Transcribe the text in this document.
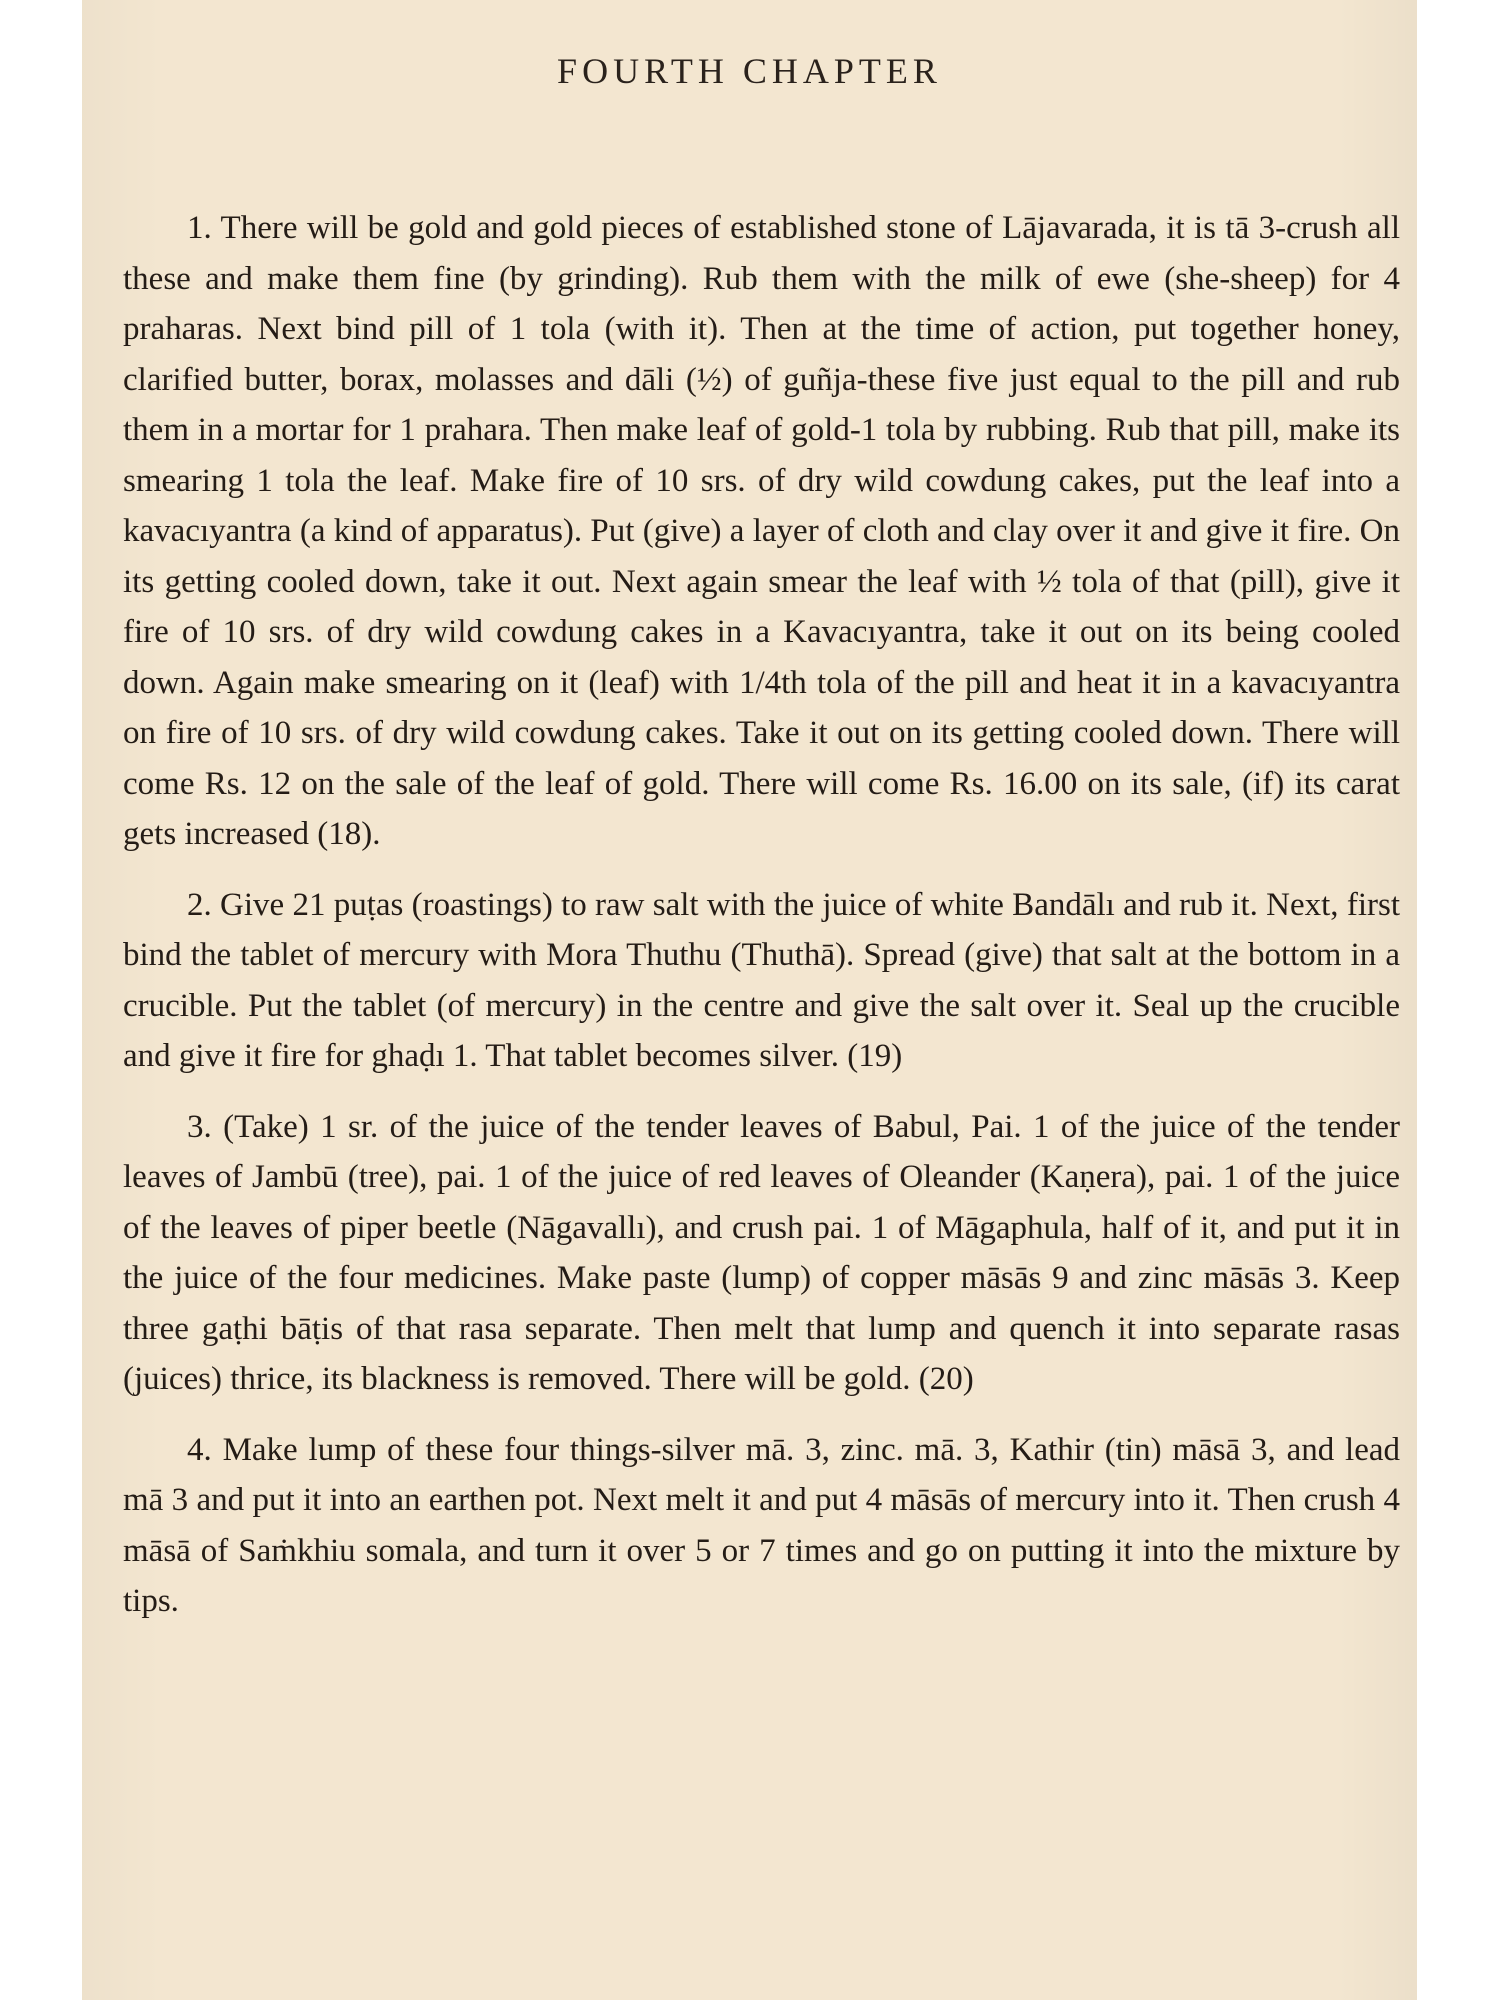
FOURTH CHAPTER

1. There will be gold and gold pieces of established stone of Lājavarada, it is tā 3-crush all these and make them fine (by grinding). Rub them with the milk of ewe (she-sheep) for 4 praharas. Next bind pill of 1 tola (with it). Then at the time of action, put together honey, clarified butter, borax, molasses and dāli (½) of guñja-these five just equal to the pill and rub them in a mortar for 1 prahara. Then make leaf of gold-1 tola by rubbing. Rub that pill, make its smearing 1 tola the leaf. Make fire of 10 srs. of dry wild cowdung cakes, put the leaf into a kavacıyantra (a kind of apparatus). Put (give) a layer of cloth and clay over it and give it fire. On its getting cooled down, take it out. Next again smear the leaf with ½ tola of that (pill), give it fire of 10 srs. of dry wild cowdung cakes in a Kavacıyantra, take it out on its being cooled down. Again make smearing on it (leaf) with 1/4th tola of the pill and heat it in a kavacıyantra on fire of 10 srs. of dry wild cowdung cakes. Take it out on its getting cooled down. There will come Rs. 12 on the sale of the leaf of gold. There will come Rs. 16.00 on its sale, (if) its carat gets increased (18).

2. Give 21 puṭas (roastings) to raw salt with the juice of white Bandālı and rub it. Next, first bind the tablet of mercury with Mora Thuthu (Thuthā). Spread (give) that salt at the bottom in a crucible. Put the tablet (of mercury) in the centre and give the salt over it. Seal up the crucible and give it fire for ghaḍı 1. That tablet becomes silver. (19)

3. (Take) 1 sr. of the juice of the tender leaves of Babul, Pai. 1 of the juice of the tender leaves of Jambū (tree), pai. 1 of the juice of red leaves of Oleander (Kaṇera), pai. 1 of the juice of the leaves of piper beetle (Nāgavallı), and crush pai. 1 of Māgaphula, half of it, and put it in the juice of the four medicines. Make paste (lump) of copper māsās 9 and zinc māsās 3. Keep three gaṭhi bāṭis of that rasa separate. Then melt that lump and quench it into separate rasas (juices) thrice, its blackness is removed. There will be gold. (20)

4. Make lump of these four things-silver mā. 3, zinc. mā. 3, Kathir (tin) māsā 3, and lead mā 3 and put it into an earthen pot. Next melt it and put 4 māsās of mercury into it. Then crush 4 māsā of Saṁkhiu somala, and turn it over 5 or 7 times and go on putting it into the mixture by tips.
